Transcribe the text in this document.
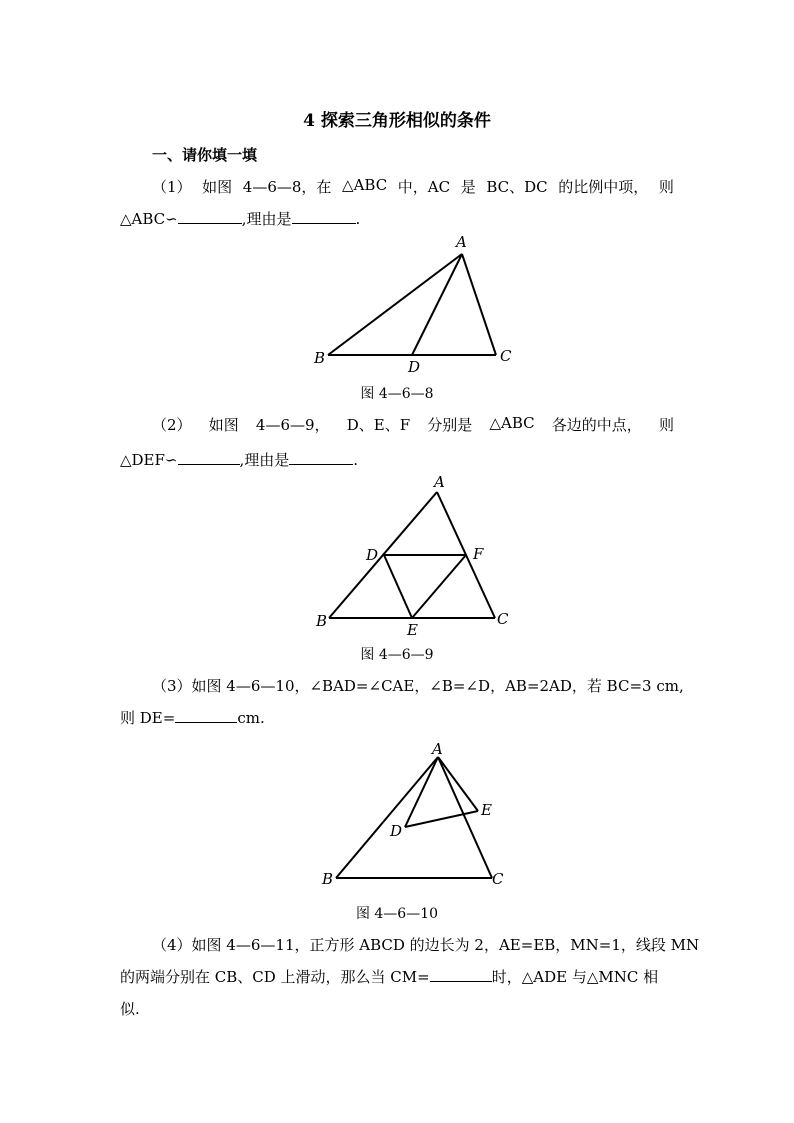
4 探索三角形相似的条件
一、请你填一填
（1） 如图 4—6—8，在 △ABC 中，AC 是 BC、DC 的比例中项， 则
△ABC∽	,理由是	.
A
B	C
D
图 4—6—8
（2） 如图 4—6—9， D、E、F 分别是 △ABC 各边的中点， 则
△DEF∽	,理由是	.
A
B	C
D
E
F
图 4—6—9
（3）如图 4—6—10，∠BAD=∠CAE，∠B=∠D，AB=2AD，若 BC=3 cm,
则 DE=	cm.
A
B	C
D
E
图 4—6—10
（4）如图 4—6—11，正方形 ABCD 的边长为 2，AE=EB，MN=1，线段 MN
的两端分别在 CB、CD 上滑动，那么当 CM=	时，△ADE 与△MNC 相
似.
